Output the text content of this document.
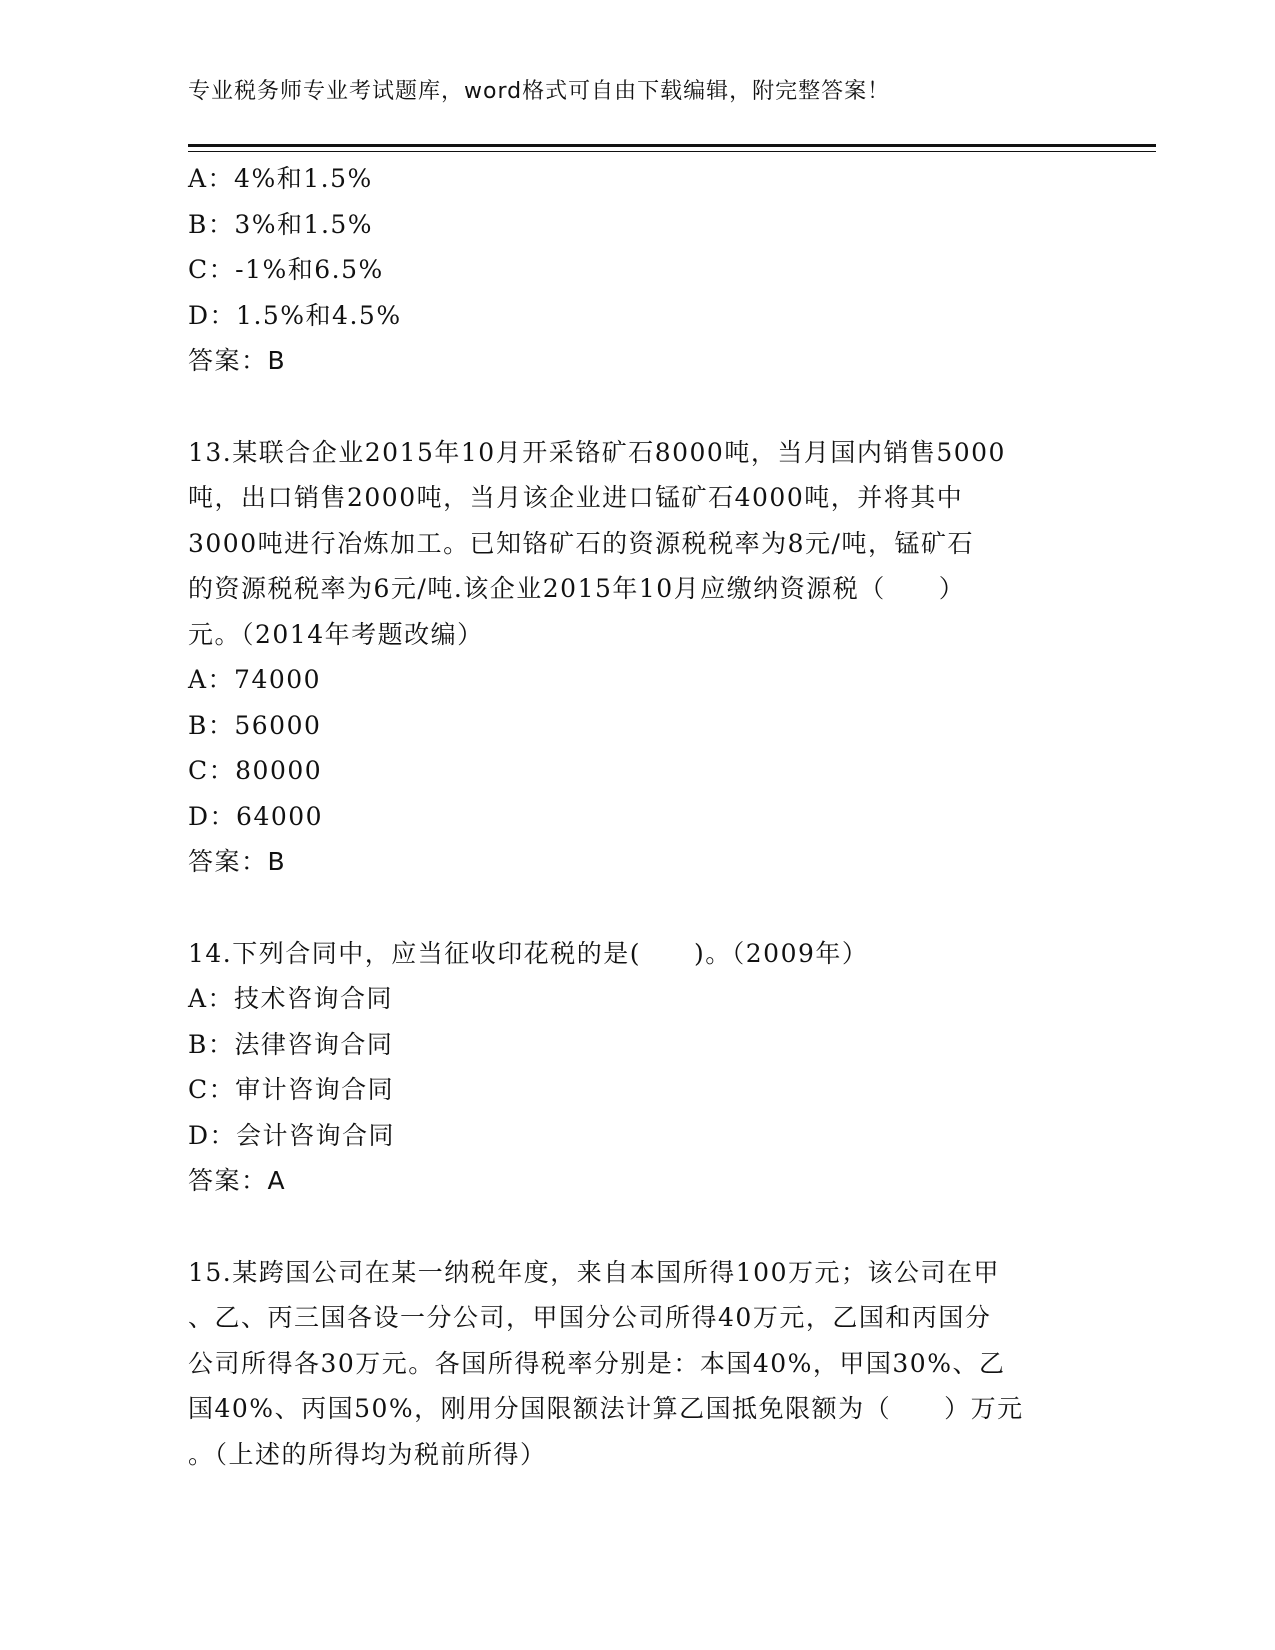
专业税务师专业考试题库，word格式可自由下载编辑，附完整答案！
A：4%和1.5%
B：3%和1.5%
C：-1%和6.5%
D：1.5%和4.5%
答案：B
13.某联合企业2015年10月开采铬矿石8000吨，当月国内销售5000
吨，出口销售2000吨，当月该企业进口锰矿石4000吨，并将其中
3000吨进行冶炼加工。已知铬矿石的资源税税率为8元/吨，锰矿石
的资源税税率为6元/吨.该企业2015年10月应缴纳资源税（　　）
元。（2014年考题改编）
A：74000
B：56000
C：80000
D：64000
答案：B
14.下列合同中，应当征收印花税的是(　　)。（2009年）
A：技术咨询合同
B：法律咨询合同
C：审计咨询合同
D：会计咨询合同
答案：A
15.某跨国公司在某一纳税年度，来自本国所得100万元；该公司在甲
、乙、丙三国各设一分公司，甲国分公司所得40万元，乙国和丙国分
公司所得各30万元。各国所得税率分别是：本国40%，甲国30%、乙
国40%、丙国50%，刚用分国限额法计算乙国抵免限额为（　　）万元
。（上述的所得均为税前所得）
